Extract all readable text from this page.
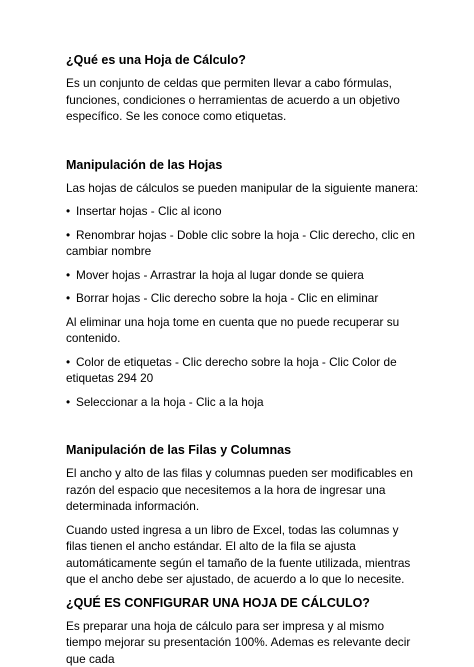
¿Qué es una Hoja de Cálculo?

Es un conjunto de celdas que permiten llevar a cabo fórmulas, funciones, condiciones o herramientas de acuerdo a un objetivo específico. Se les conoce como etiquetas.

Manipulación de las Hojas

Las hojas de cálculos se pueden manipular de la siguiente manera:

• Insertar hojas - Clic al icono
• Renombrar hojas - Doble clic sobre la hoja - Clic derecho, clic en cambiar nombre
• Mover hojas - Arrastrar la hoja al lugar donde se quiera
• Borrar hojas - Clic derecho sobre la hoja - Clic en eliminar

Al eliminar una hoja tome en cuenta que no puede recuperar su contenido.

• Color de etiquetas - Clic derecho sobre la hoja - Clic Color de etiquetas 294 20
• Seleccionar a la hoja - Clic a la hoja

Manipulación de las Filas y Columnas

El ancho y alto de las filas y columnas pueden ser modificables en razón del espacio que necesitemos a la hora de ingresar una determinada información.

Cuando usted ingresa a un libro de Excel, todas las columnas y filas tienen el ancho estándar. El alto de la fila se ajusta automáticamente según el tamaño de la fuente utilizada, mientras que el ancho debe ser ajustado, de acuerdo a lo que lo necesite.

¿QUÉ ES CONFIGURAR UNA HOJA DE CÁLCULO?

Es preparar una hoja de cálculo para ser impresa y al mismo tiempo mejorar su presentación 100%. Ademas es relevante decir que cada
